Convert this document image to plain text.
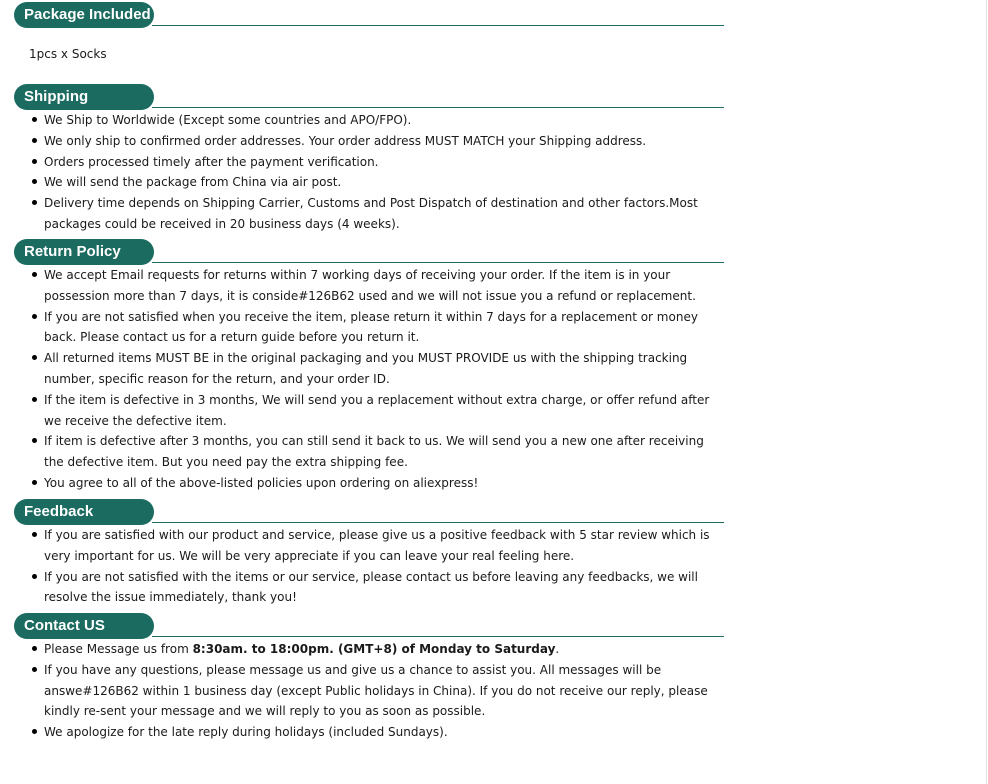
Package Included
1pcs x Socks
Shipping
We Ship to Worldwide (Except some countries and APO/FPO).
We only ship to confirmed order addresses. Your order address MUST MATCH your Shipping address.
Orders processed timely after the payment verification.
We will send the package from China via air post.
Delivery time depends on Shipping Carrier, Customs and Post Dispatch of destination and other factors.Most packages could be received in 20 business days (4 weeks).
Return Policy
We accept Email requests for returns within 7 working days of receiving your order. If the item is in your possession more than 7 days, it is conside#126B62 used and we will not issue you a refund or replacement.
If you are not satisfied when you receive the item, please return it within 7 days for a replacement or money back. Please contact us for a return guide before you return it.
All returned items MUST BE in the original packaging and you MUST PROVIDE us with the shipping tracking number, specific reason for the return, and your order ID.
If the item is defective in 3 months, We will send you a replacement without extra charge, or offer refund after we receive the defective item.
If item is defective after 3 months, you can still send it back to us. We will send you a new one after receiving the defective item. But you need pay the extra shipping fee.
You agree to all of the above-listed policies upon ordering on aliexpress!
Feedback
If you are satisfied with our product and service, please give us a positive feedback with 5 star review which is very important for us. We will be very appreciate if you can leave your real feeling here.
If you are not satisfied with the items or our service, please contact us before leaving any feedbacks, we will resolve the issue immediately, thank you!
Contact US
Please Message us from 8:30am. to 18:00pm. (GMT+8) of Monday to Saturday.
If you have any questions, please message us and give us a chance to assist you. All messages will be answe#126B62 within 1 business day (except Public holidays in China). If you do not receive our reply, please kindly re-sent your message and we will reply to you as soon as possible.
We apologize for the late reply during holidays (included Sundays).
